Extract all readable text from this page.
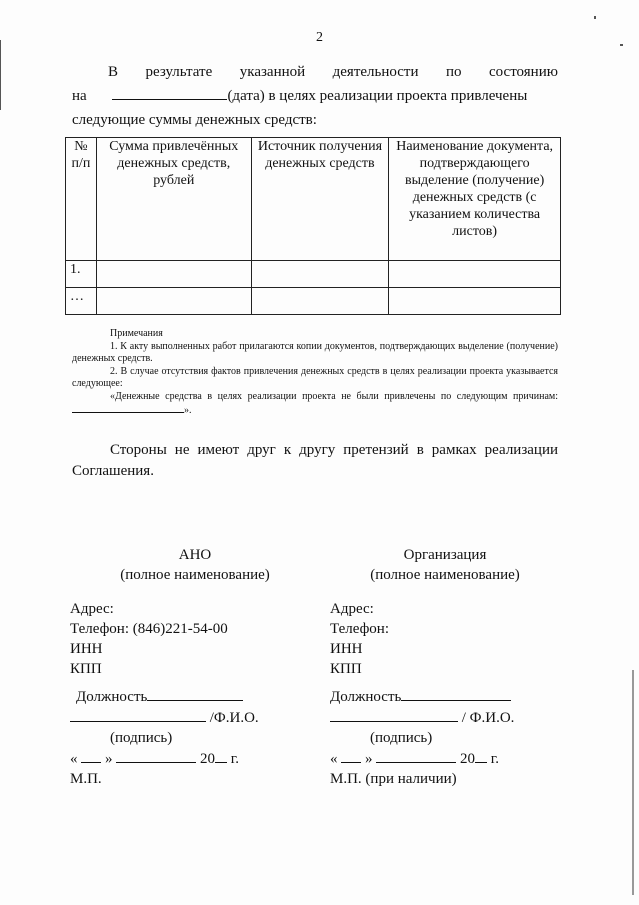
2
В результате указанной деятельности по состоянию
на	(дата) в целях реализации проекта привлечены
следующие суммы денежных средств:
№ п/п	Сумма привлечённых денежных средств, рублей	Источник получения денежных средств	Наименование документа, подтверждающего выделение (получение) денежных средств (с указанием количества листов)
1.			
…			

Примечания

1. К акту выполненных работ прилагаются копии документов, подтверждающих выделение (получение) денежных средств.

2. В случае отсутствия фактов привлечения денежных средств в целях реализации проекта указывается следующее:

«Денежные средства в целях реализации проекта не были привлечены по следующим причинам: ».

Стороны не имеют друг к другу претензий в рамках реализации Соглашения.
АНО
(полное наименование)
Адрес:
Телефон: (846)221-54-00
ИНН
КПП
Должность
/Ф.И.О.
(подпись)
« »	20 г.
М.П.
Организация
(полное наименование)
Адрес:
Телефон:
ИНН
КПП
Должность
/ Ф.И.О.
(подпись)
« »	20 г.
М.П. (при наличии)
